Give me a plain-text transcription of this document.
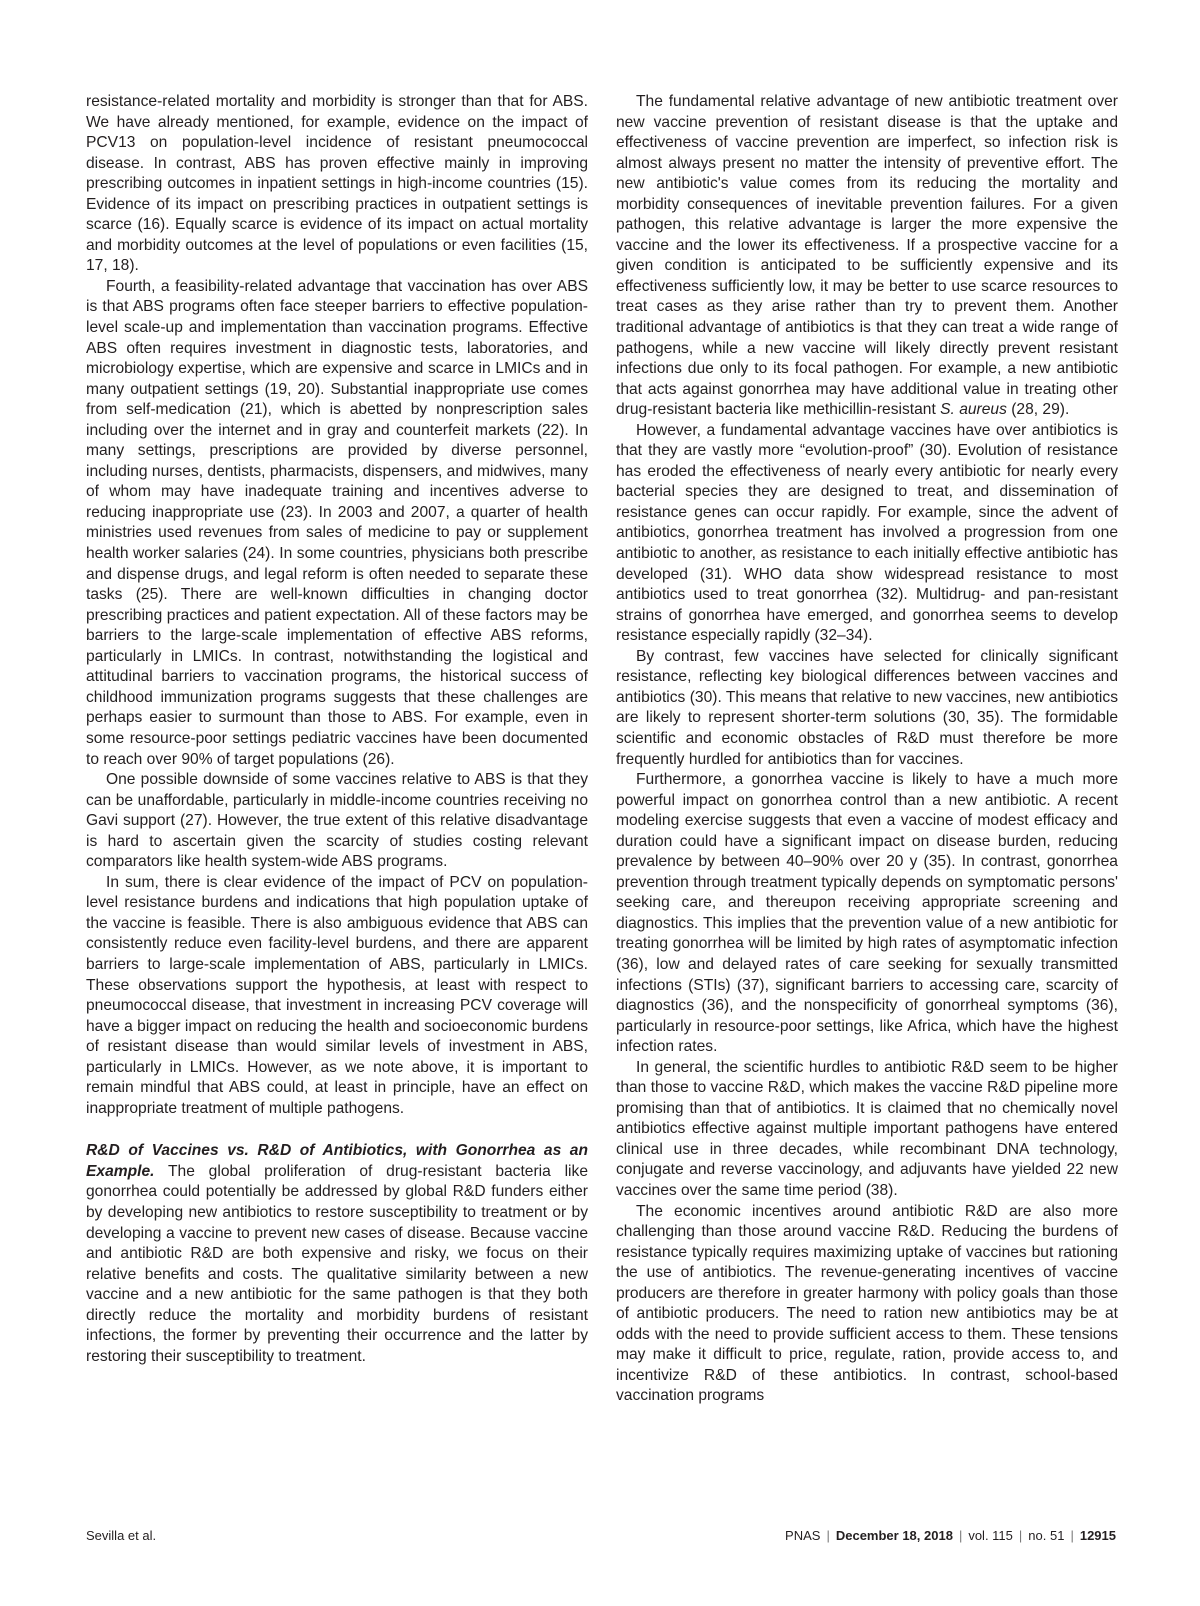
resistance-related mortality and morbidity is stronger than that for ABS. We have already mentioned, for example, evidence on the impact of PCV13 on population-level incidence of resistant pneumococcal disease. In contrast, ABS has proven effective mainly in improving prescribing outcomes in inpatient settings in high-income countries (15). Evidence of its impact on prescribing practices in outpatient settings is scarce (16). Equally scarce is evidence of its impact on actual mortality and morbidity outcomes at the level of populations or even facilities (15, 17, 18).

Fourth, a feasibility-related advantage that vaccination has over ABS is that ABS programs often face steeper barriers to effective population-level scale-up and implementation than vaccination programs. Effective ABS often requires investment in diagnostic tests, laboratories, and microbiology expertise, which are expensive and scarce in LMICs and in many outpatient settings (19, 20). Substantial inappropriate use comes from self-medication (21), which is abetted by nonprescription sales including over the internet and in gray and counterfeit markets (22). In many settings, prescriptions are provided by diverse personnel, including nurses, dentists, pharmacists, dispensers, and midwives, many of whom may have inadequate training and incentives adverse to reducing inappropriate use (23). In 2003 and 2007, a quarter of health ministries used revenues from sales of medicine to pay or supplement health worker salaries (24). In some countries, physicians both prescribe and dispense drugs, and legal reform is often needed to separate these tasks (25). There are well-known difficulties in changing doctor prescribing practices and patient expectation. All of these factors may be barriers to the large-scale implementation of effective ABS reforms, particularly in LMICs. In contrast, notwithstanding the logistical and attitudinal barriers to vaccination programs, the historical success of childhood immunization programs suggests that these challenges are perhaps easier to surmount than those to ABS. For example, even in some resource-poor settings pediatric vaccines have been documented to reach over 90% of target populations (26).

One possible downside of some vaccines relative to ABS is that they can be unaffordable, particularly in middle-income countries receiving no Gavi support (27). However, the true extent of this relative disadvantage is hard to ascertain given the scarcity of studies costing relevant comparators like health system-wide ABS programs.

In sum, there is clear evidence of the impact of PCV on population-level resistance burdens and indications that high population uptake of the vaccine is feasible. There is also ambiguous evidence that ABS can consistently reduce even facility-level burdens, and there are apparent barriers to large-scale implementation of ABS, particularly in LMICs. These observations support the hypothesis, at least with respect to pneumococcal disease, that investment in increasing PCV coverage will have a bigger impact on reducing the health and socioeconomic burdens of resistant disease than would similar levels of investment in ABS, particularly in LMICs. However, as we note above, it is important to remain mindful that ABS could, at least in principle, have an effect on inappropriate treatment of multiple pathogens.

R&D of Vaccines vs. R&D of Antibiotics, with Gonorrhea as an Example. The global proliferation of drug-resistant bacteria like gonorrhea could potentially be addressed by global R&D funders either by developing new antibiotics to restore susceptibility to treatment or by developing a vaccine to prevent new cases of disease. Because vaccine and antibiotic R&D are both expensive and risky, we focus on their relative benefits and costs. The qualitative similarity between a new vaccine and a new antibiotic for the same pathogen is that they both directly reduce the mortality and morbidity burdens of resistant infections, the former by preventing their occurrence and the latter by restoring their susceptibility to treatment.

The fundamental relative advantage of new antibiotic treatment over new vaccine prevention of resistant disease is that the uptake and effectiveness of vaccine prevention are imperfect, so infection risk is almost always present no matter the intensity of preventive effort. The new antibiotic's value comes from its reducing the mortality and morbidity consequences of inevitable prevention failures. For a given pathogen, this relative advantage is larger the more expensive the vaccine and the lower its effectiveness. If a prospective vaccine for a given condition is anticipated to be sufficiently expensive and its effectiveness sufficiently low, it may be better to use scarce resources to treat cases as they arise rather than try to prevent them. Another traditional advantage of antibiotics is that they can treat a wide range of pathogens, while a new vaccine will likely directly prevent resistant infections due only to its focal pathogen. For example, a new antibiotic that acts against gonorrhea may have additional value in treating other drug-resistant bacteria like methicillin-resistant S. aureus (28, 29).

However, a fundamental advantage vaccines have over antibiotics is that they are vastly more “evolution-proof” (30). Evolution of resistance has eroded the effectiveness of nearly every antibiotic for nearly every bacterial species they are designed to treat, and dissemination of resistance genes can occur rapidly. For example, since the advent of antibiotics, gonorrhea treatment has involved a progression from one antibiotic to another, as resistance to each initially effective antibiotic has developed (31). WHO data show widespread resistance to most antibiotics used to treat gonorrhea (32). Multidrug- and pan-resistant strains of gonorrhea have emerged, and gonorrhea seems to develop resistance especially rapidly (32–34).

By contrast, few vaccines have selected for clinically significant resistance, reflecting key biological differences between vaccines and antibiotics (30). This means that relative to new vaccines, new antibiotics are likely to represent shorter-term solutions (30, 35). The formidable scientific and economic obstacles of R&D must therefore be more frequently hurdled for antibiotics than for vaccines.

Furthermore, a gonorrhea vaccine is likely to have a much more powerful impact on gonorrhea control than a new antibiotic. A recent modeling exercise suggests that even a vaccine of modest efficacy and duration could have a significant impact on disease burden, reducing prevalence by between 40–90% over 20 y (35). In contrast, gonorrhea prevention through treatment typically depends on symptomatic persons' seeking care, and thereupon receiving appropriate screening and diagnostics. This implies that the prevention value of a new antibiotic for treating gonorrhea will be limited by high rates of asymptomatic infection (36), low and delayed rates of care seeking for sexually transmitted infections (STIs) (37), significant barriers to accessing care, scarcity of diagnostics (36), and the nonspecificity of gonorrheal symptoms (36), particularly in resource-poor settings, like Africa, which have the highest infection rates.

In general, the scientific hurdles to antibiotic R&D seem to be higher than those to vaccine R&D, which makes the vaccine R&D pipeline more promising than that of antibiotics. It is claimed that no chemically novel antibiotics effective against multiple important pathogens have entered clinical use in three decades, while recombinant DNA technology, conjugate and reverse vaccinology, and adjuvants have yielded 22 new vaccines over the same time period (38).

The economic incentives around antibiotic R&D are also more challenging than those around vaccine R&D. Reducing the burdens of resistance typically requires maximizing uptake of vaccines but rationing the use of antibiotics. The revenue-generating incentives of vaccine producers are therefore in greater harmony with policy goals than those of antibiotic producers. The need to ration new antibiotics may be at odds with the need to provide sufficient access to them. These tensions may make it difficult to price, regulate, ration, provide access to, and incentivize R&D of these antibiotics. In contrast, school-based vaccination programs

Sevilla et al.	PNAS | December 18, 2018 | vol. 115 | no. 51 | 12915
